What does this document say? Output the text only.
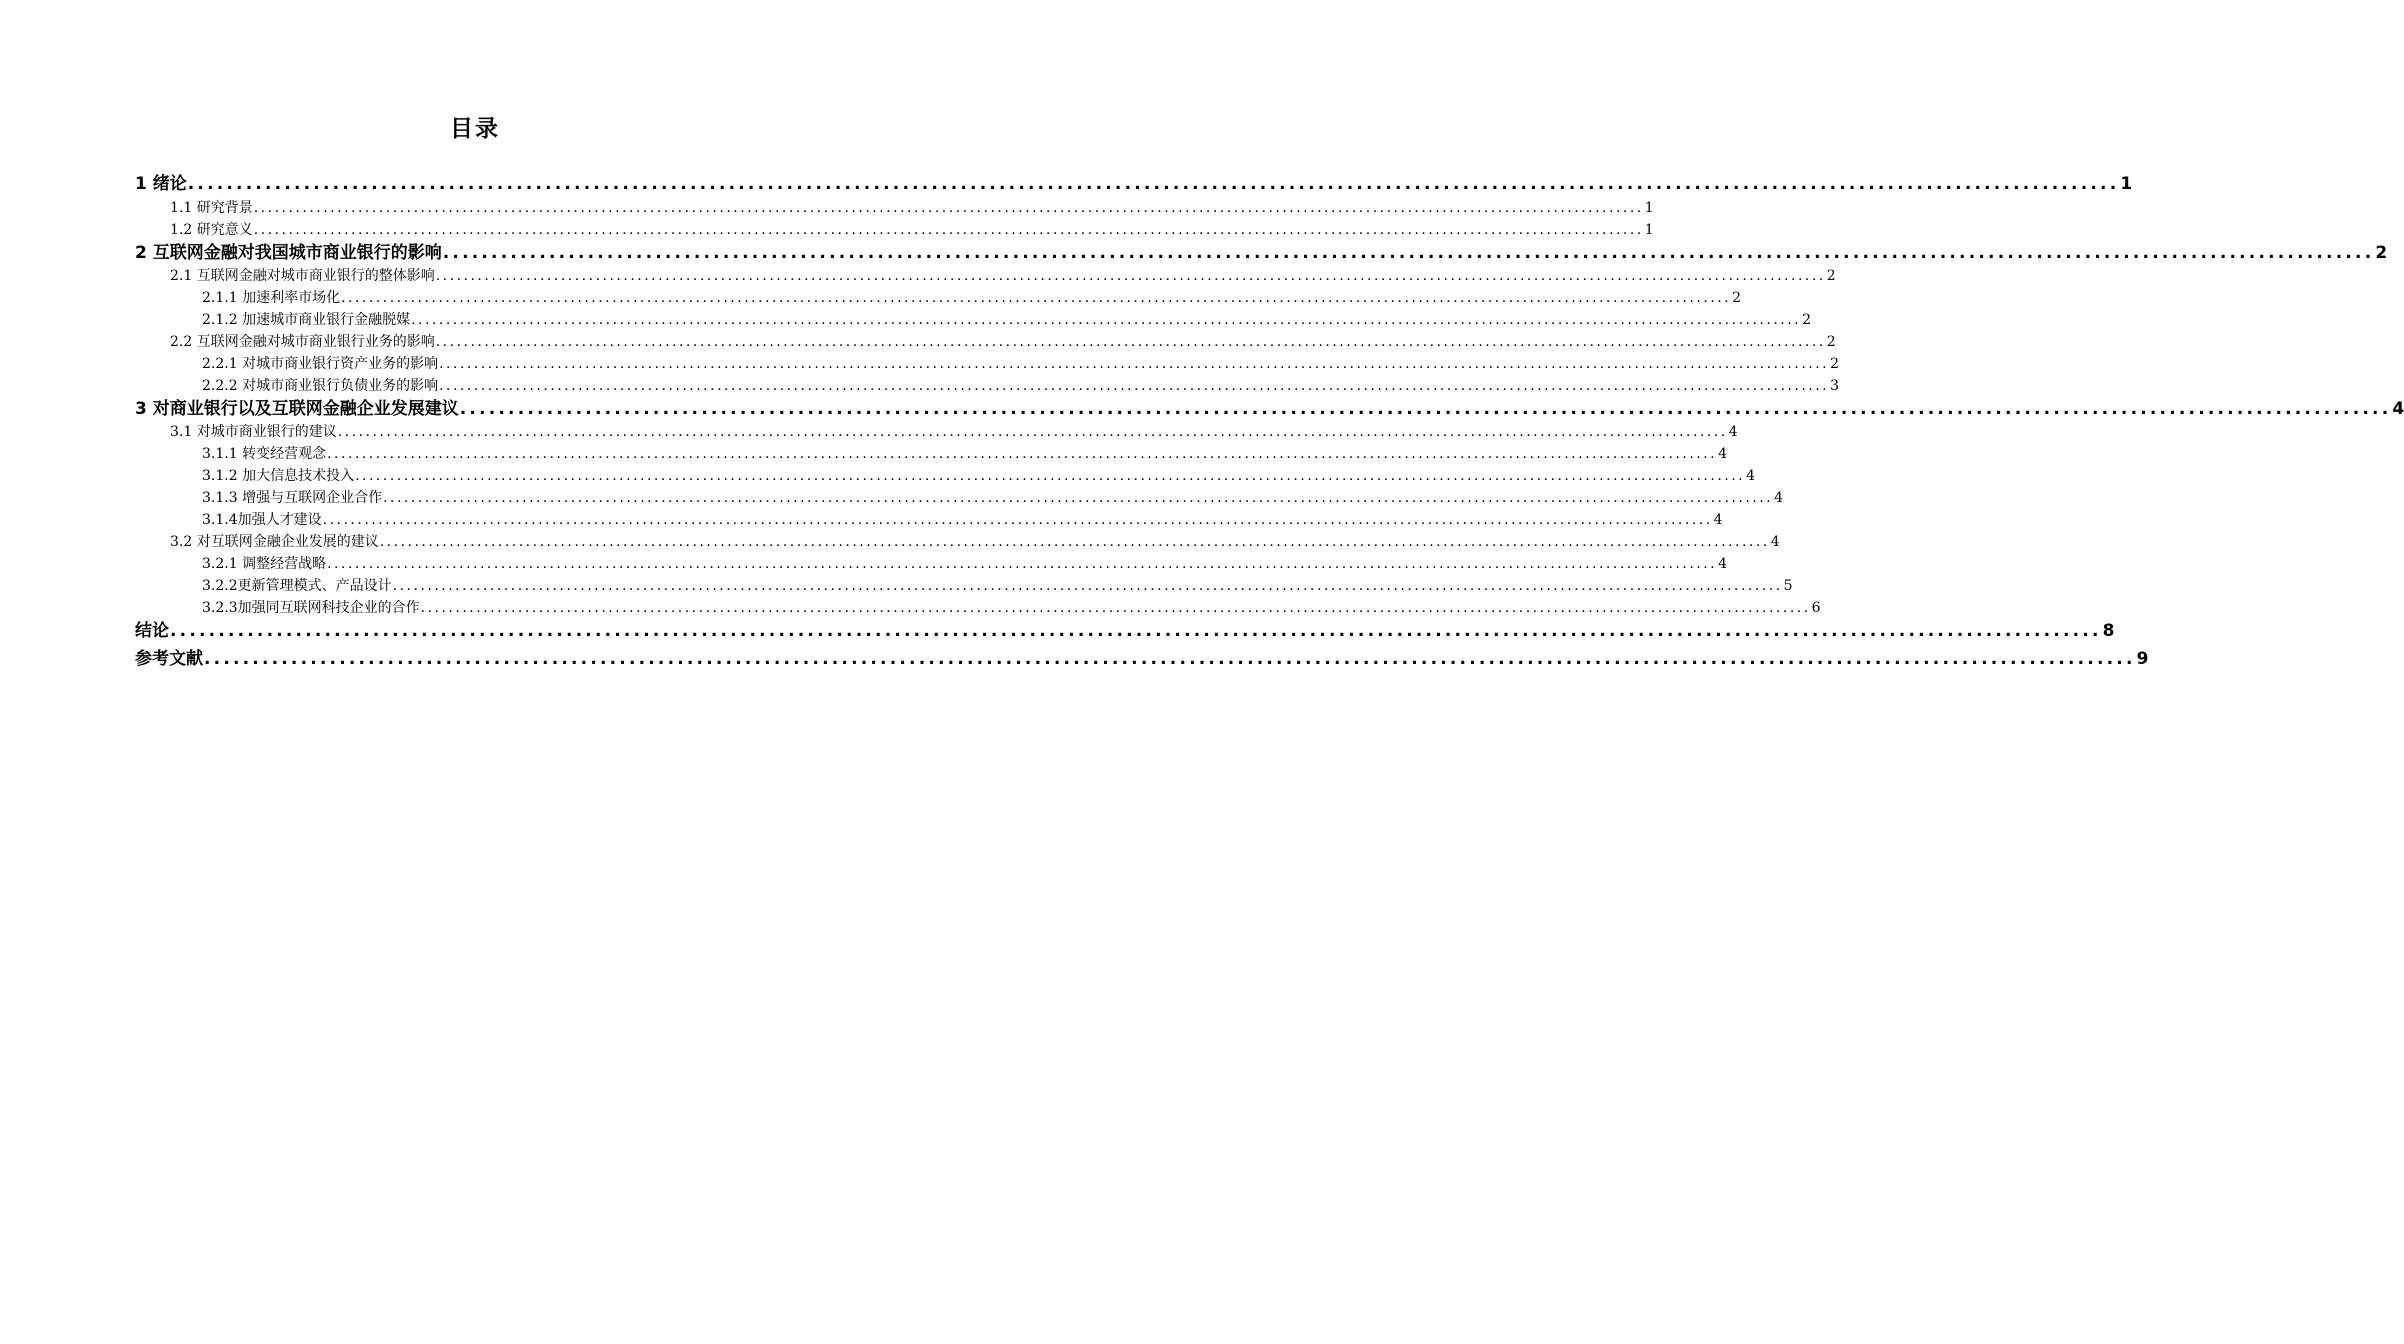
目录
1 绪论 ........................................................................................................................................................................................................ 1
1.1 研究背景 ........................................................................................................................................................................................................ 1
1.2 研究意义 ........................................................................................................................................................................................................ 1
2 互联网金融对我国城市商业银行的影响 ........................................................................................................................................................................................................ 2
2.1 互联网金融对城市商业银行的整体影响 ........................................................................................................................................................................................................ 2
2.1.1 加速利率市场化 ........................................................................................................................................................................................................ 2
2.1.2 加速城市商业银行金融脱媒 ........................................................................................................................................................................................................ 2
2.2 互联网金融对城市商业银行业务的影响 ........................................................................................................................................................................................................ 2
2.2.1 对城市商业银行资产业务的影响 ........................................................................................................................................................................................................ 2
2.2.2 对城市商业银行负债业务的影响 ........................................................................................................................................................................................................ 3
3 对商业银行以及互联网金融企业发展建议 ........................................................................................................................................................................................................ 4
3.1 对城市商业银行的建议 ........................................................................................................................................................................................................ 4
3.1.1 转变经营观念 ........................................................................................................................................................................................................ 4
3.1.2 加大信息技术投入 ........................................................................................................................................................................................................ 4
3.1.3 增强与互联网企业合作 ........................................................................................................................................................................................................ 4
3.1.4加强人才建设 ........................................................................................................................................................................................................ 4
3.2 对互联网金融企业发展的建议 ........................................................................................................................................................................................................ 4
3.2.1 调整经营战略 ........................................................................................................................................................................................................ 4
3.2.2更新管理模式、产品设计 ........................................................................................................................................................................................................ 5
3.2.3加强同互联网科技企业的合作 ........................................................................................................................................................................................................ 6
结论 ........................................................................................................................................................................................................ 8
参考文献 ........................................................................................................................................................................................................ 9
